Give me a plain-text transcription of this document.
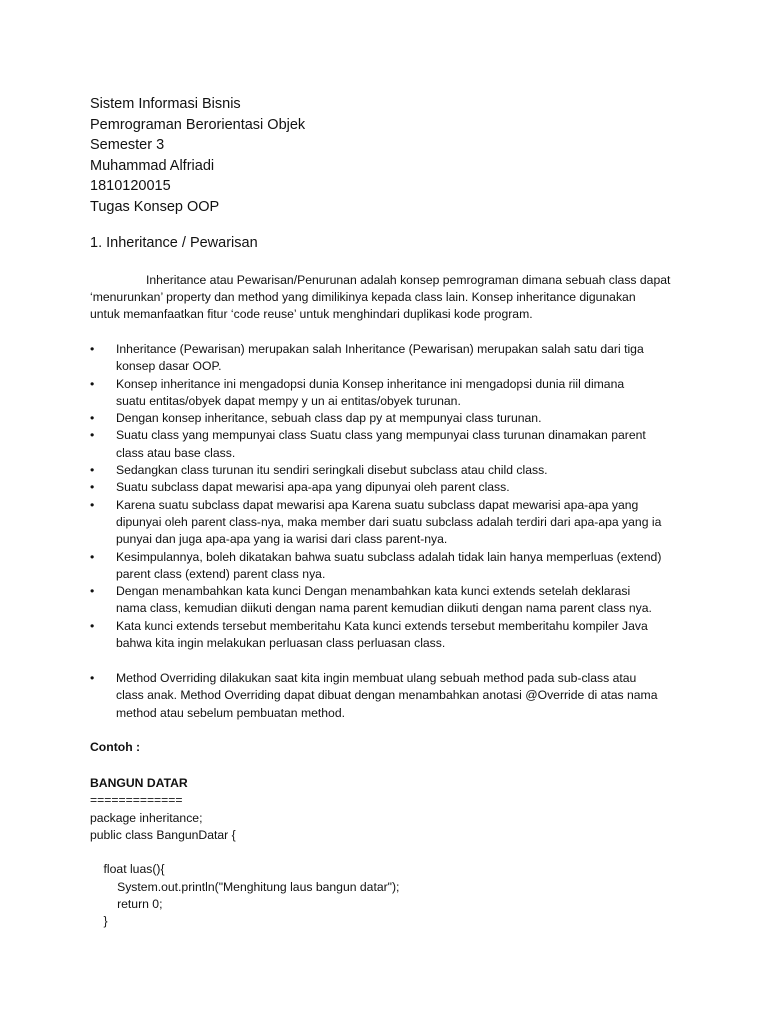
Sistem Informasi Bisnis
Pemrograman Berorientasi Objek
Semester 3
Muhammad Alfriadi
1810120015
Tugas Konsep OOP
1. Inheritance / Pewarisan
Inheritance atau Pewarisan/Penurunan adalah konsep pemrograman dimana sebuah class dapat
‘menurunkan’ property dan method yang dimilikinya kepada class lain. Konsep inheritance digunakan
untuk memanfaatkan fitur ‘code reuse’ untuk menghindari duplikasi kode program.
•	Inheritance (Pewarisan) merupakan salah Inheritance (Pewarisan) merupakan salah satu dari tiga
konsep dasar OOP.
•	Konsep inheritance ini mengadopsi dunia Konsep inheritance ini mengadopsi dunia riil dimana
suatu entitas/obyek dapat mempy y un ai entitas/obyek turunan.
•	Dengan konsep inheritance, sebuah class dap py at mempunyai class turunan.
•	Suatu class yang mempunyai class Suatu class yang mempunyai class turunan dinamakan parent
class atau base class.
•	Sedangkan class turunan itu sendiri seringkali disebut subclass atau child class.
•	Suatu subclass dapat mewarisi apa-apa yang dipunyai oleh parent class.
•	Karena suatu subclass dapat mewarisi apa Karena suatu subclass dapat mewarisi apa-apa yang
dipunyai oleh parent class-nya, maka member dari suatu subclass adalah terdiri dari apa-apa yang ia
punyai dan juga apa-apa yang ia warisi dari class parent-nya.
•	Kesimpulannya, boleh dikatakan bahwa suatu subclass adalah tidak lain hanya memperluas (extend)
parent class (extend) parent class nya.
•	Dengan menambahkan kata kunci Dengan menambahkan kata kunci extends setelah deklarasi
nama class, kemudian diikuti dengan nama parent kemudian diikuti dengan nama parent class nya.
•	Kata kunci extends tersebut memberitahu Kata kunci extends tersebut memberitahu kompiler Java
bahwa kita ingin melakukan perluasan class perluasan class.
•	Method Overriding dilakukan saat kita ingin membuat ulang sebuah method pada sub-class atau
class anak. Method Overriding dapat dibuat dengan menambahkan anotasi @Override di atas nama
method atau sebelum pembuatan method.
Contoh :
BANGUN DATAR
=============
package inheritance;
public class BangunDatar {

float luas(){
System.out.println("Menghitung laus bangun datar");
return 0;
}
